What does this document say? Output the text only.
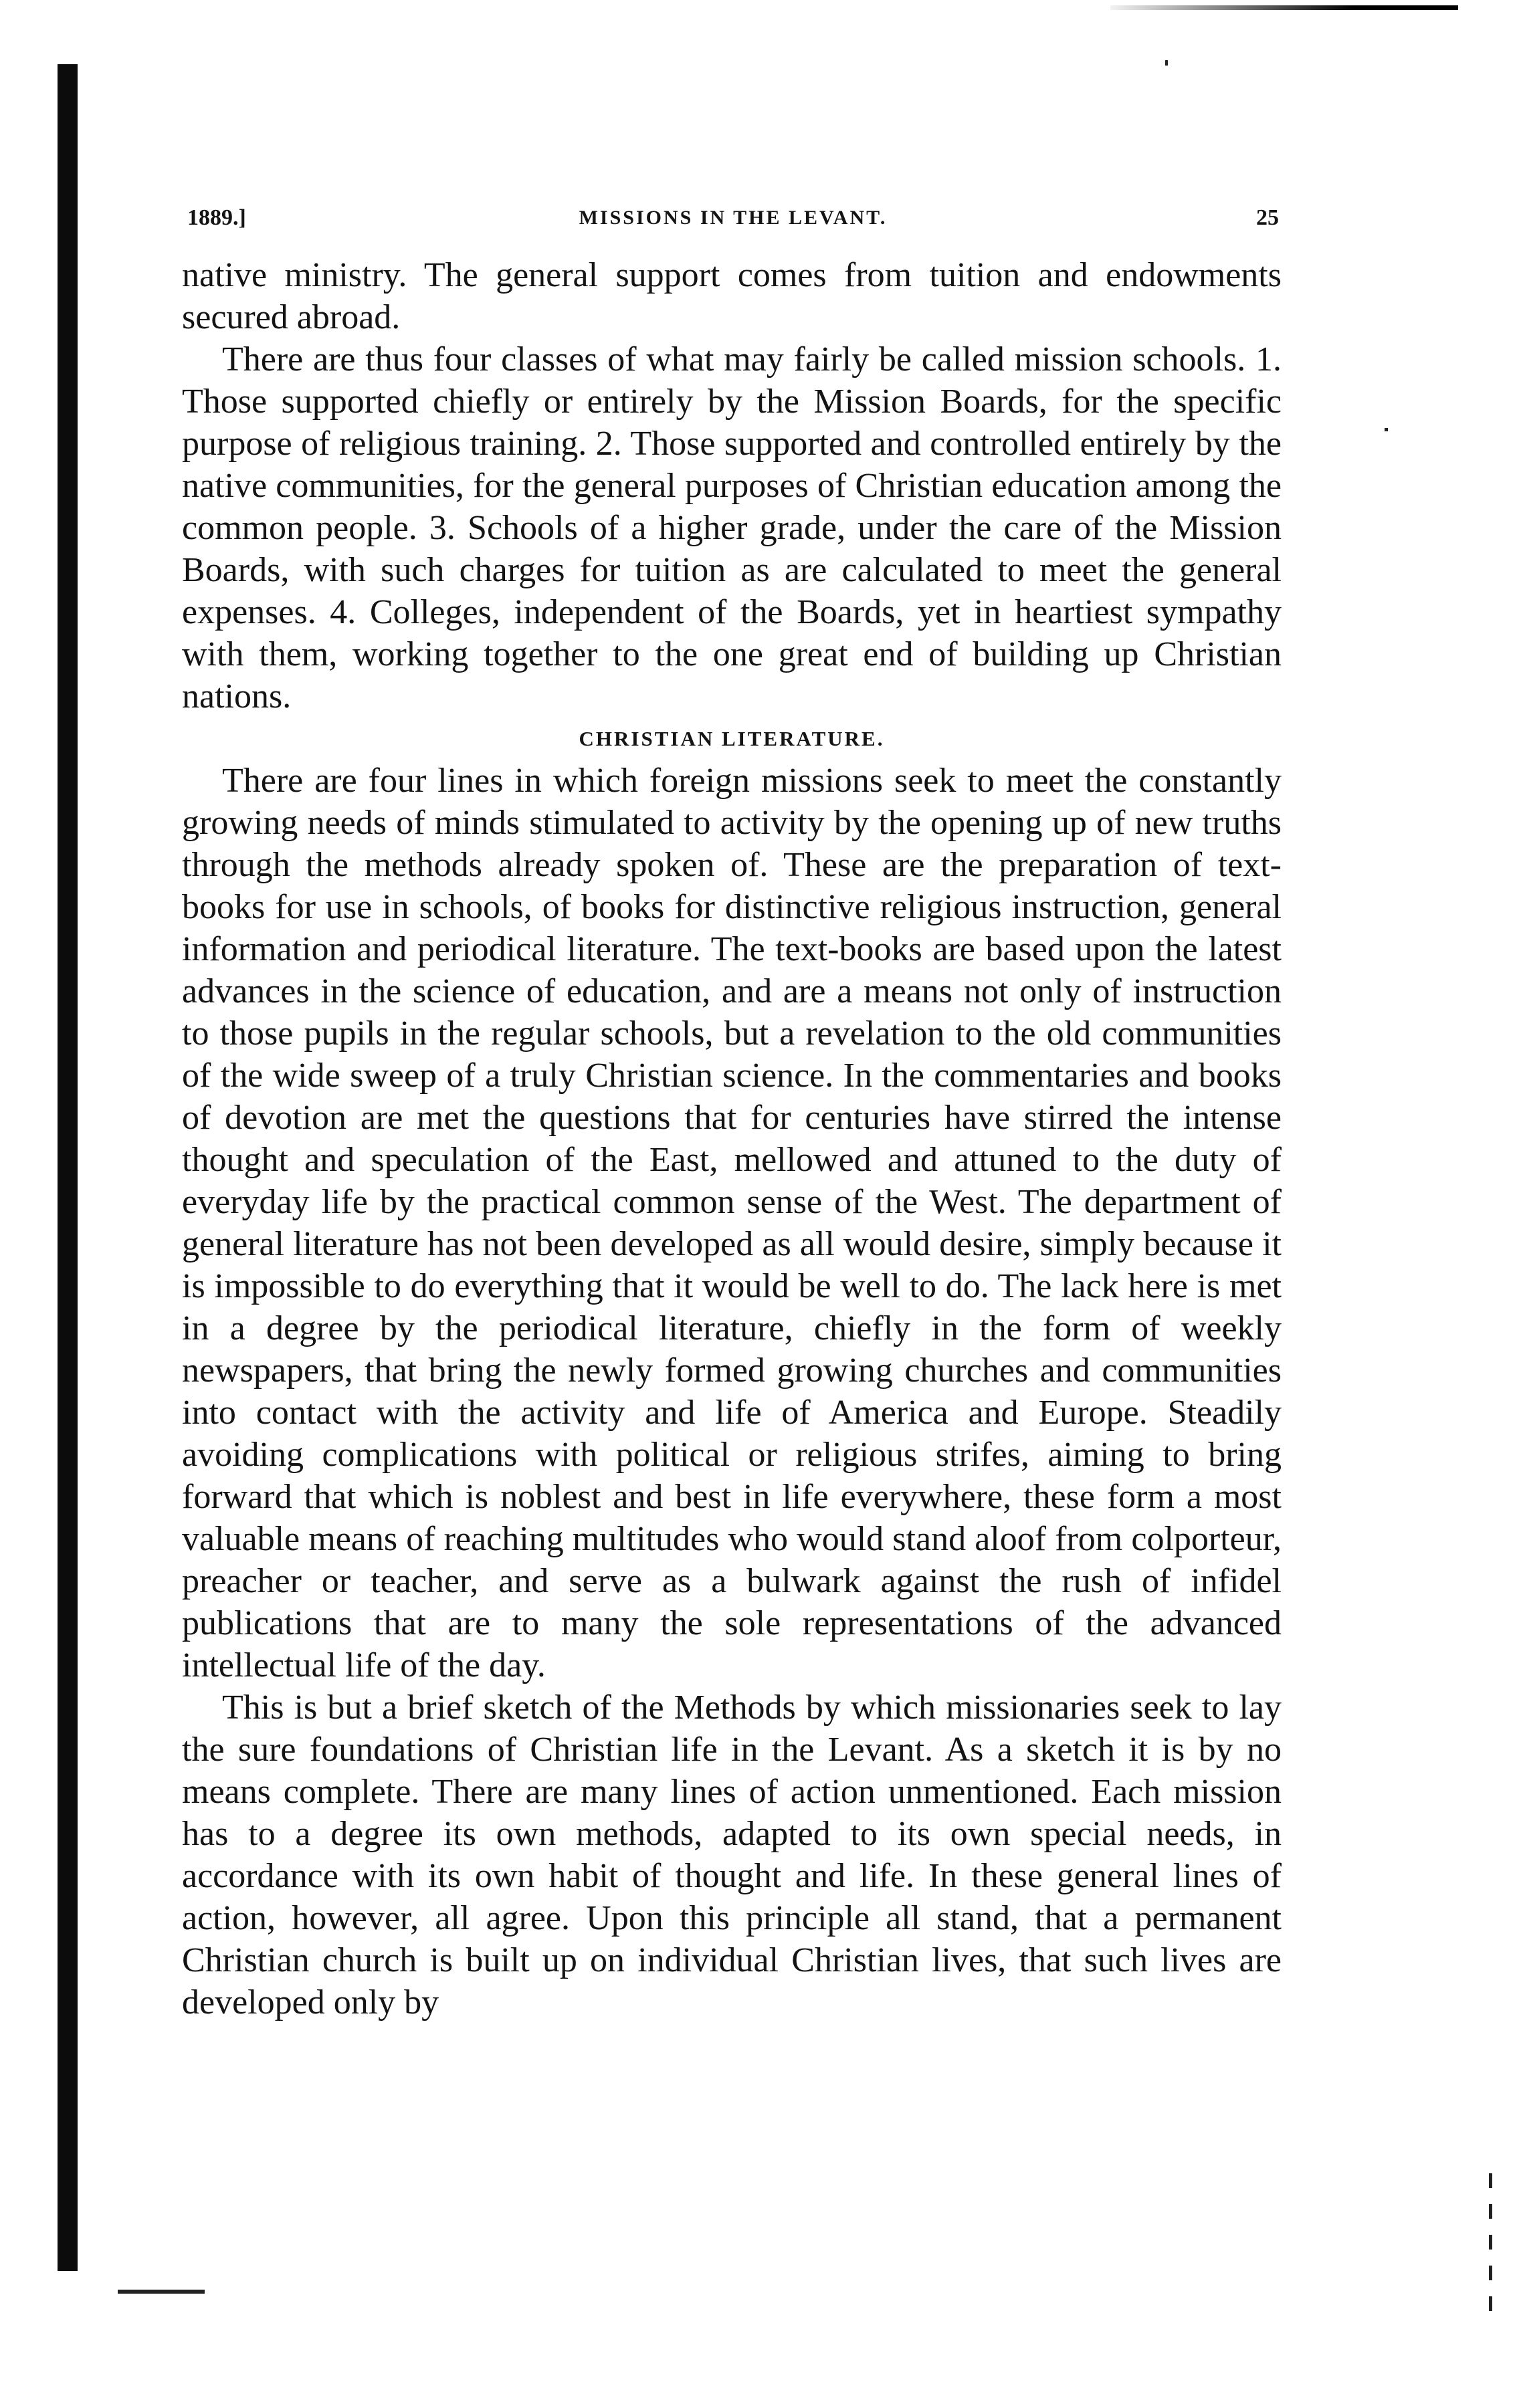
1889.]	MISSIONS IN THE LEVANT.	25

native ministry. The general support comes from tuition and endowments secured abroad.

There are thus four classes of what may fairly be called mission schools. 1. Those supported chiefly or entirely by the Mission Boards, for the specific purpose of religious training. 2. Those supported and controlled entirely by the native communities, for the general purposes of Christian education among the common people. 3. Schools of a higher grade, under the care of the Mission Boards, with such charges for tuition as are calculated to meet the general expenses. 4. Colleges, independent of the Boards, yet in heartiest sympathy with them, working together to the one great end of building up Christian nations.

CHRISTIAN LITERATURE.

There are four lines in which foreign missions seek to meet the constantly growing needs of minds stimulated to activity by the opening up of new truths through the methods already spoken of. These are the preparation of text-books for use in schools, of books for distinctive religious instruction, general information and periodical literature. The text-books are based upon the latest advances in the science of education, and are a means not only of instruction to those pupils in the regular schools, but a revelation to the old communities of the wide sweep of a truly Christian science. In the commentaries and books of devotion are met the questions that for centuries have stirred the intense thought and speculation of the East, mellowed and attuned to the duty of everyday life by the practical common sense of the West. The department of general literature has not been developed as all would desire, simply because it is impossible to do everything that it would be well to do. The lack here is met in a degree by the periodical literature, chiefly in the form of weekly newspapers, that bring the newly formed growing churches and communities into contact with the activity and life of America and Europe. Steadily avoiding complications with political or religious strifes, aiming to bring forward that which is noblest and best in life everywhere, these form a most valuable means of reaching multitudes who would stand aloof from colporteur, preacher or teacher, and serve as a bulwark against the rush of infidel publications that are to many the sole representations of the advanced intellectual life of the day.

This is but a brief sketch of the Methods by which missionaries seek to lay the sure foundations of Christian life in the Levant. As a sketch it is by no means complete. There are many lines of action unmentioned. Each mission has to a degree its own methods, adapted to its own special needs, in accordance with its own habit of thought and life. In these general lines of action, however, all agree. Upon this principle all stand, that a permanent Christian church is built up on individual Christian lives, that such lives are developed only by
